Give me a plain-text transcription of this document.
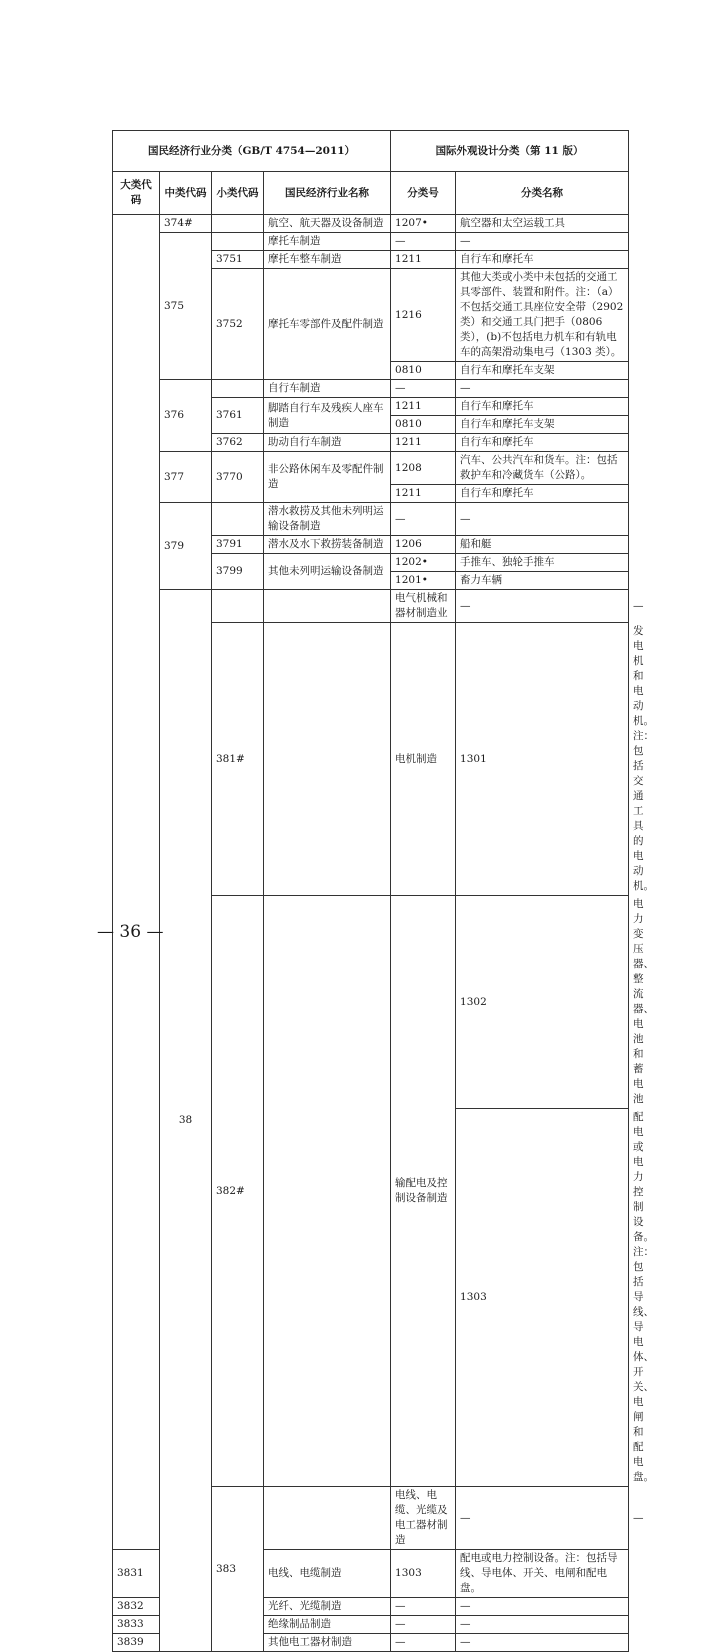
国民经济行业分类（GB/T 4754—2011）				国际外观设计分类（第 11 版）		
大类代码	中类代码	小类代码	国民经济行业名称	分类号	分类名称	
	374#		航空、航天器及设备制造	1207•	航空器和太空运载工具	
	375		摩托车制造	—	—	
		3751	摩托车整车制造	1211	自行车和摩托车	
		3752	摩托车零部件及配件制造	1216	其他大类或小类中未包括的交通工具零部件、装置和附件。注：（a）不包括交通工具座位安全带（2902 类）和交通工具门把手（0806 类），(b)不包括电力机车和有轨电车的高架滑动集电弓（1303 类）。	
				0810	自行车和摩托车支架	
	376		自行车制造	—	—	
		3761	脚踏自行车及残疾人座车制造	1211	自行车和摩托车	
				0810	自行车和摩托车支架	
		3762	助动自行车制造	1211	自行车和摩托车	
	377	3770	非公路休闲车及零配件制造	1208	汽车、公共汽车和货车。注：包括救护车和冷藏货车（公路）。	
				1211	自行车和摩托车	
	379		潜水救捞及其他未列明运输设备制造	—	—	
		3791	潜水及水下救捞装备制造	1206	船和艇	
		3799	其他未列明运输设备制造	1202•	手推车、独轮手推车	
				1201•	畜力车辆	
	38			电气机械和器材制造业	—	—
		381#		电机制造	1301	发电机和电动机。注：包括交通工具的电动机。
		382#		输配电及控制设备制造	1302	电力变压器、整流器、电池和蓄电池
					1303	配电或电力控制设备。注：包括导线、导电体、开关、电闸和配电盘。
		383		电线、电缆、光缆及电工器材制造	—	—
3831			电线、电缆制造	1303	配电或电力控制设备。注：包括导线、导电体、开关、电闸和配电盘。	
3832			光纤、光缆制造	—	—	
3833			绝缘制品制造	—	—	
3839			其他电工器材制造	—	—	
— 36 —
